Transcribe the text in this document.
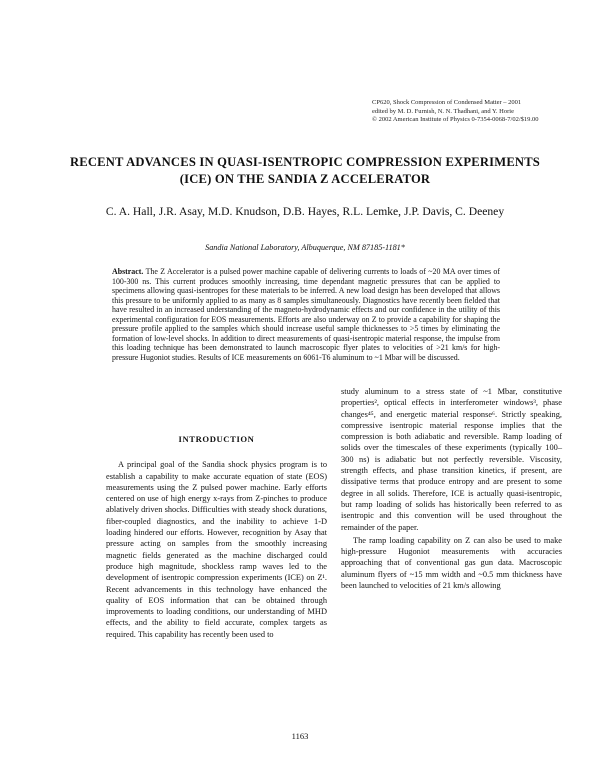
CP620, Shock Compression of Condensed Matter – 2001
edited by M. D. Furnish, N. N. Thadhani, and Y. Horie
© 2002 American Institute of Physics 0-7354-0068-7/02/$19.00
RECENT ADVANCES IN QUASI-ISENTROPIC COMPRESSION EXPERIMENTS (ICE) ON THE SANDIA Z ACCELERATOR
C. A. Hall, J.R. Asay, M.D. Knudson, D.B. Hayes, R.L. Lemke, J.P. Davis, C. Deeney
Sandia National Laboratory, Albuquerque, NM 87185-1181*
Abstract. The Z Accelerator is a pulsed power machine capable of delivering currents to loads of ~20 MA over times of 100-300 ns. This current produces smoothly increasing, time dependant magnetic pressures that can be applied to specimens allowing quasi-isentropes for these materials to be inferred. A new load design has been developed that allows this pressure to be uniformly applied to as many as 8 samples simultaneously. Diagnostics have recently been fielded that have resulted in an increased understanding of the magneto-hydrodynamic effects and our confidence in the utility of this experimental configuration for EOS measurements. Efforts are also underway on Z to provide a capability for shaping the pressure profile applied to the samples which should increase useful sample thicknesses to >5 times by eliminating the formation of low-level shocks. In addition to direct measurements of quasi-isentropic material response, the impulse from this loading technique has been demonstrated to launch macroscopic flyer plates to velocities of >21 km/s for high-pressure Hugoniot studies. Results of ICE measurements on 6061-T6 aluminum to ~1 Mbar will be discussed.

INTRODUCTION

A principal goal of the Sandia shock physics program is to establish a capability to make accurate equation of state (EOS) measurements using the Z pulsed power machine. Early efforts centered on use of high energy x-rays from Z-pinches to produce ablatively driven shocks. Difficulties with steady shock durations, fiber-coupled diagnostics, and the inability to achieve 1-D loading hindered our efforts. However, recognition by Asay that pressure acting on samples from the smoothly increasing magnetic fields generated as the machine discharged could produce high magnitude, shockless ramp waves led to the development of isentropic compression experiments (ICE) on Z¹. Recent advancements in this technology have enhanced the quality of EOS information that can be obtained through improvements to loading conditions, our understanding of MHD effects, and the ability to field accurate, complex targets as required. This capability has recently been used to

study aluminum to a stress state of ~1 Mbar, constitutive properties², optical effects in interferometer windows³, phase changes⁴⁵, and energetic material response⁶. Strictly speaking, compressive isentropic material response implies that the compression is both adiabatic and reversible. Ramp loading of solids over the timescales of these experiments (typically 100–300 ns) is adiabatic but not perfectly reversible. Viscosity, strength effects, and phase transition kinetics, if present, are dissipative terms that produce entropy and are present to some degree in all solids. Therefore, ICE is actually quasi-isentropic, but ramp loading of solids has historically been referred to as isentropic and this convention will be used throughout the remainder of the paper.

The ramp loading capability on Z can also be used to make high-pressure Hugoniot measurements with accuracies approaching that of conventional gas gun data. Macroscopic aluminum flyers of ~15 mm width and ~0.5 mm thickness have been launched to velocities of 21 km/s allowing

1163
